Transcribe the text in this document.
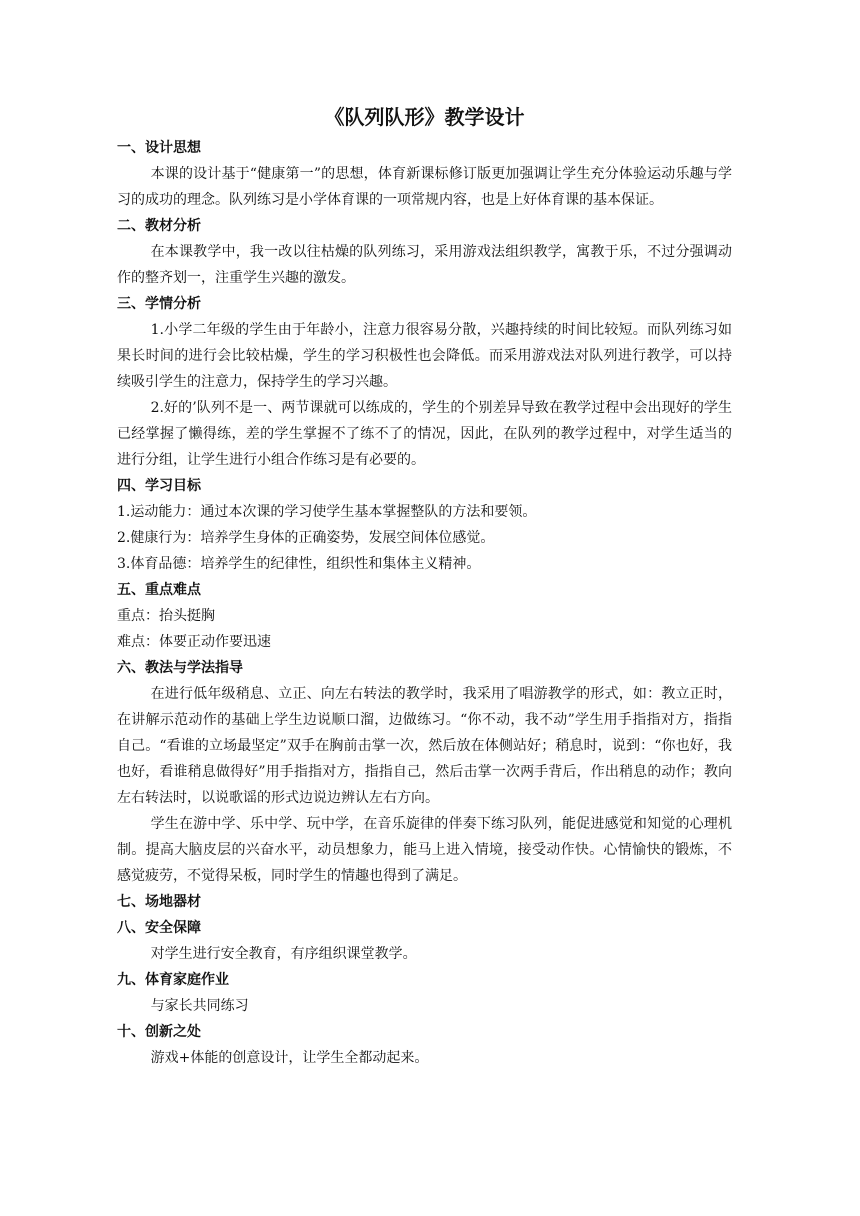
《队列队形》教学设计

一、设计思想

本课的设计基于“健康第一”的思想，体育新课标修订版更加强调让学生充分体验运动乐趣与学习的成功的理念。队列练习是小学体育课的一项常规内容，也是上好体育课的基本保证。

二、教材分析

在本课教学中，我一改以往枯燥的队列练习，采用游戏法组织教学，寓教于乐，不过分强调动作的整齐划一，注重学生兴趣的激发。

三、学情分析

1.小学二年级的学生由于年龄小，注意力很容易分散，兴趣持续的时间比较短。而队列练习如果长时间的进行会比较枯燥，学生的学习积极性也会降低。而采用游戏法对队列进行教学，可以持续吸引学生的注意力，保持学生的学习兴趣。

2.好的’队列不是一、两节课就可以练成的，学生的个别差异导致在教学过程中会出现好的学生已经掌握了懒得练，差的学生掌握不了练不了的情况，因此，在队列的教学过程中，对学生适当的进行分组，让学生进行小组合作练习是有必要的。

四、学习目标

1.运动能力：通过本次课的学习使学生基本掌握整队的方法和要领。

2.健康行为：培养学生身体的正确姿势，发展空间体位感觉。

3.体育品德：培养学生的纪律性，组织性和集体主义精神。

五、重点难点

重点：抬头挺胸

难点：体要正动作要迅速

六、教法与学法指导

在进行低年级稍息、立正、向左右转法的教学时，我采用了唱游教学的形式，如：教立正时，在讲解示范动作的基础上学生边说顺口溜，边做练习。“你不动，我不动”学生用手指指对方，指指自己。“看谁的立场最坚定”双手在胸前击掌一次，然后放在体侧站好；稍息时，说到：“你也好，我也好，看谁稍息做得好”用手指指对方，指指自己，然后击掌一次两手背后，作出稍息的动作；教向左右转法时，以说歌谣的形式边说边辨认左右方向。

学生在游中学、乐中学、玩中学，在音乐旋律的伴奏下练习队列，能促进感觉和知觉的心理机制。提高大脑皮层的兴奋水平，动员想象力，能马上进入情境，接受动作快。心情愉快的锻炼，不感觉疲劳，不觉得呆板，同时学生的情趣也得到了满足。

七、场地器材

八、安全保障

对学生进行安全教育，有序组织课堂教学。

九、体育家庭作业

与家长共同练习

十、创新之处

游戏+体能的创意设计，让学生全都动起来。
